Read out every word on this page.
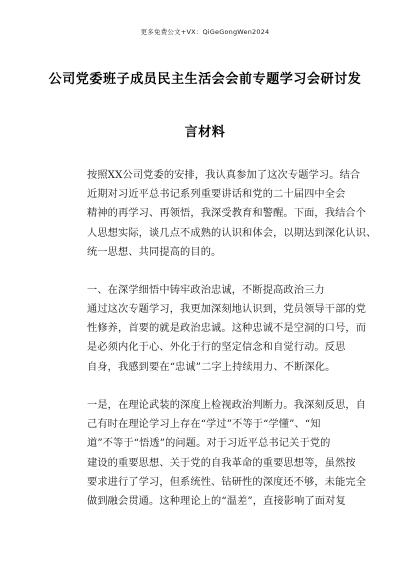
更多免费公文+VX：QiGeGongWen2024
公司党委班子成员民主生活会会前专题学习会研讨发
言材料
按照XX公司党委的安排，我认真参加了这次专题学习。结合
近期对习近平总书记系列重要讲话和党的二十届四中全会
精神的再学习、再领悟，我深受教育和警醒。下面，我结合个
人思想实际，谈几点不成熟的认识和体会，以期达到深化认识、
统一思想、共同提高的目的。
一、在深学细悟中铸牢政治忠诚，不断提高政治三力
通过这次专题学习，我更加深刻地认识到，党员领导干部的党
性修养，首要的就是政治忠诚。这种忠诚不是空洞的口号，而
是必须内化于心、外化于行的坚定信念和自觉行动。反思
自身，我感到要在“忠诚”二字上持续用力、不断深化。
一是，在理论武装的深度上检视政治判断力。我深刻反思，自
己有时在理论学习上存在“学过”不等于“学懂”、“知
道”不等于“悟透”的问题。对于习近平总书记关于党的
建设的重要思想、关于党的自我革命的重要思想等，虽然按
要求进行了学习，但系统性、钻研性的深度还不够，未能完全
做到融会贯通。这种理论上的“温差”，直接影响了面对复
